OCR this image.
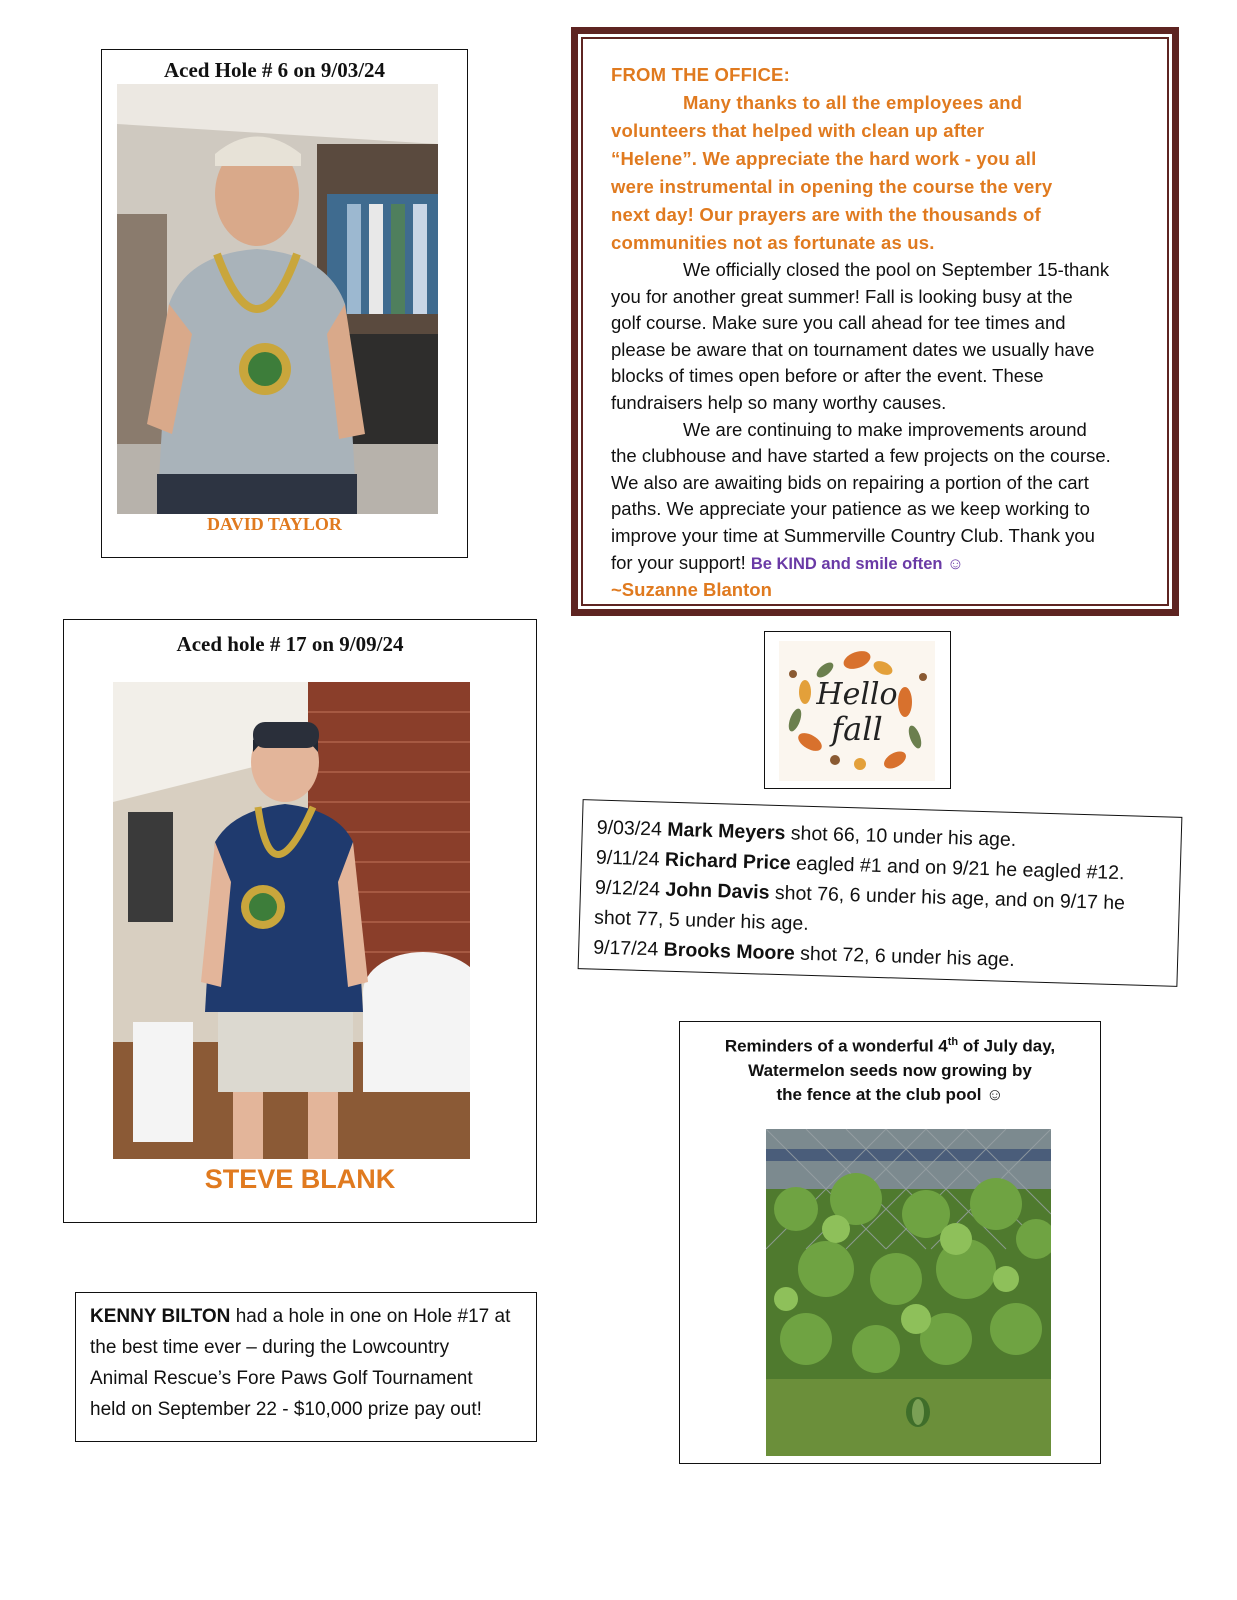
Aced Hole # 6 on 9/03/24
DAVID TAYLOR
FROM THE OFFICE:
Many thanks to all the employees and
volunteers that helped with clean up after
“Helene”. We appreciate the hard work - you all
were instrumental in opening the course the very
next day! Our prayers are with the thousands of
communities not as fortunate as us.
We officially closed the pool on September 15-thank
you for another great summer! Fall is looking busy at the
golf course. Make sure you call ahead for tee times and
please be aware that on tournament dates we usually have
blocks of times open before or after the event. These
fundraisers help so many worthy causes.
We are continuing to make improvements around
the clubhouse and have started a few projects on the course.
We also are awaiting bids on repairing a portion of the cart
paths. We appreciate your patience as we keep working to
improve your time at Summerville Country Club. Thank you
for your support! Be KIND and smile often ☺
~Suzanne Blanton
Aced hole # 17 on 9/09/24
STEVE BLANK
Hello
fall
9/03/24 Mark Meyers shot 66, 10 under his age.
9/11/24 Richard Price eagled #1 and on 9/21 he eagled #12.
9/12/24 John Davis shot 76, 6 under his age, and on 9/17 he
shot 77, 5 under his age.
9/17/24 Brooks Moore shot 72, 6 under his age.
Reminders of a wonderful 4th of July day,
Watermelon seeds now growing by
the fence at the club pool ☺
KENNY BILTON had a hole in one on Hole #17 at
the best time ever – during the Lowcountry
Animal Rescue’s Fore Paws Golf Tournament
held on September 22 - $10,000 prize pay out!
